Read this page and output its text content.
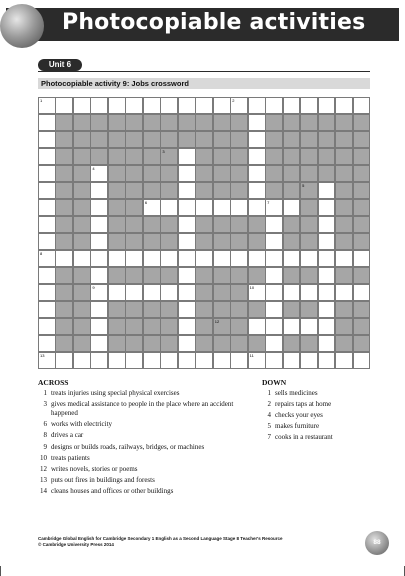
Photocopiable activities
Unit 6
Photocopiable activity 9: Jobs crossword
1	2
3
4
5
6	7
8
9	10
12
13	11
ACROSS
1 treats injuries using special physical exercises
3 gives medical assistance to people in the place where an accident happened
6 works with electricity
8 drives a car
9 designs or builds roads, railways, bridges, or machines
10 treats patients
12 writes novels, stories or poems
13 puts out fires in buildings and forests
14 cleans houses and offices or other buildings
DOWN
1 sells medicines
2 repairs taps at home
4 checks your eyes
5 makes furniture
7 cooks in a restaurant
Cambridge Global English for Cambridge Secondary 1 English as a Second Language Stage 8 Teacher's Resource
© Cambridge University Press 2014	88
